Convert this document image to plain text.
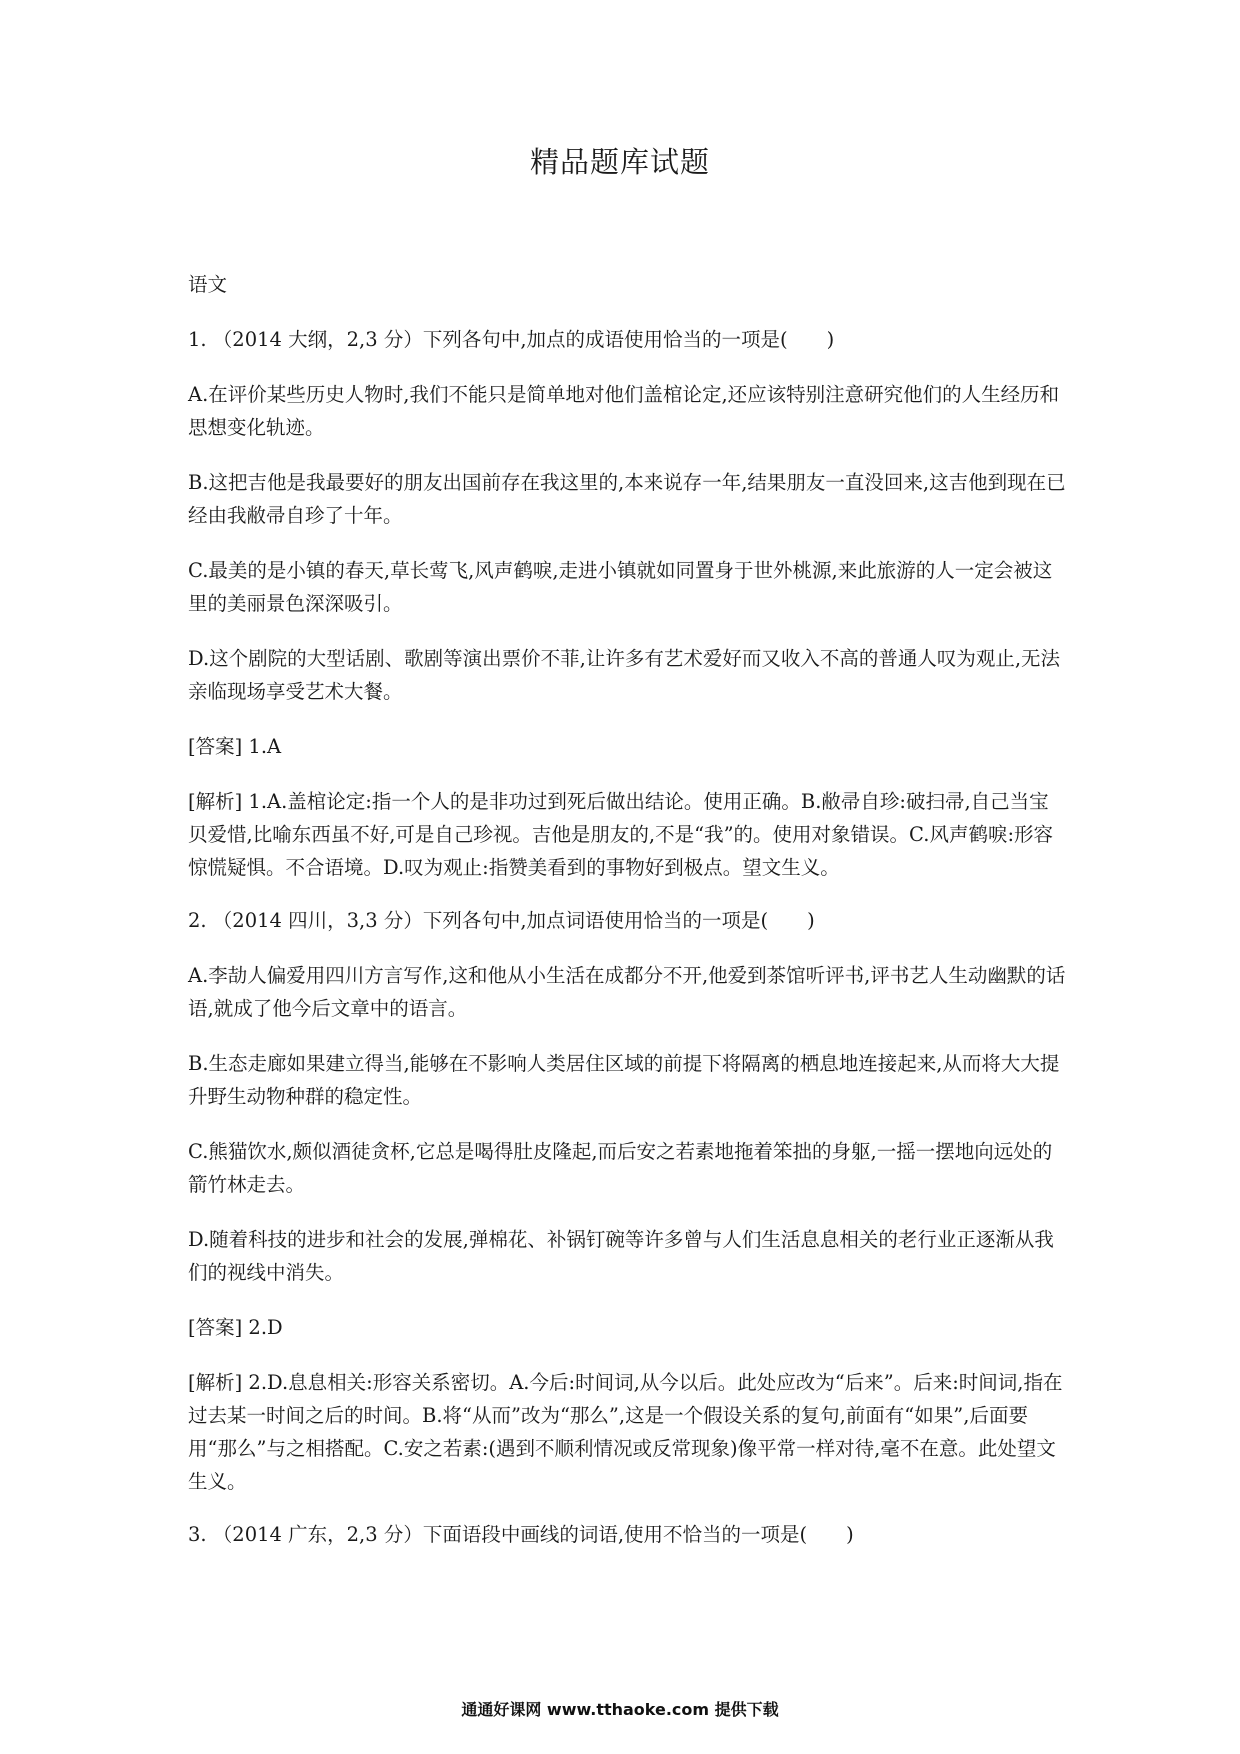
精品题库试题

语文

1. （2014 大纲，2,3 分）下列各句中,加点的成语使用恰当的一项是(　　)

A.在评价某些历史人物时,我们不能只是简单地对他们盖棺论定,还应该特别注意研究他们的人生经历和思想变化轨迹。

B.这把吉他是我最要好的朋友出国前存在我这里的,本来说存一年,结果朋友一直没回来,这吉他到现在已经由我敝帚自珍了十年。

C.最美的是小镇的春天,草长莺飞,风声鹤唳,走进小镇就如同置身于世外桃源,来此旅游的人一定会被这里的美丽景色深深吸引。

D.这个剧院的大型话剧、歌剧等演出票价不菲,让许多有艺术爱好而又收入不高的普通人叹为观止,无法亲临现场享受艺术大餐。

[答案] 1.A

[解析] 1.A.盖棺论定:指一个人的是非功过到死后做出结论。使用正确。B.敝帚自珍:破扫帚,自己当宝贝爱惜,比喻东西虽不好,可是自己珍视。吉他是朋友的,不是“我”的。使用对象错误。C.风声鹤唳:形容惊慌疑惧。不合语境。D.叹为观止:指赞美看到的事物好到极点。望文生义。

2. （2014 四川，3,3 分）下列各句中,加点词语使用恰当的一项是(　　)

A.李劼人偏爱用四川方言写作,这和他从小生活在成都分不开,他爱到茶馆听评书,评书艺人生动幽默的话语,就成了他今后文章中的语言。

B.生态走廊如果建立得当,能够在不影响人类居住区域的前提下将隔离的栖息地连接起来,从而将大大提升野生动物种群的稳定性。

C.熊猫饮水,颇似酒徒贪杯,它总是喝得肚皮隆起,而后安之若素地拖着笨拙的身躯,一摇一摆地向远处的箭竹林走去。

D.随着科技的进步和社会的发展,弹棉花、补锅钉碗等许多曾与人们生活息息相关的老行业正逐渐从我们的视线中消失。

[答案] 2.D

[解析] 2.D.息息相关:形容关系密切。A.今后:时间词,从今以后。此处应改为“后来”。后来:时间词,指在过去某一时间之后的时间。B.将“从而”改为“那么”,这是一个假设关系的复句,前面有“如果”,后面要用“那么”与之相搭配。C.安之若素:(遇到不顺利情况或反常现象)像平常一样对待,毫不在意。此处望文生义。

3. （2014 广东，2,3 分）下面语段中画线的词语,使用不恰当的一项是(　　)

通通好课网 www.tthaoke.com 提供下载
